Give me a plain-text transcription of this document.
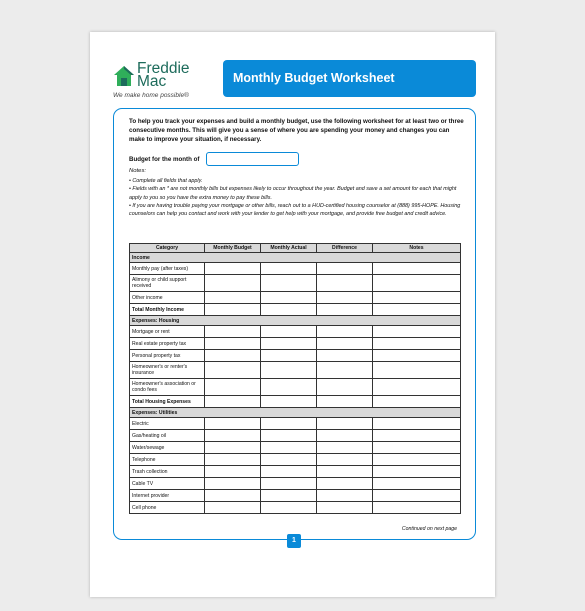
Freddie
Mac
We make home possible®
Monthly Budget Worksheet
To help you track your expenses and build a monthly budget, use the following worksheet for at least two or three consecutive months. This will give you a sense of where you are spending your money and changes you can make to improve your situation, if necessary.
Budget for the month of
Notes:

• Complete all fields that apply.

• Fields with an * are not monthly bills but expenses likely to occur throughout the year. Budget and save a set amount for each that might apply to you so you have the extra money to pay these bills.

• If you are having trouble paying your mortgage or other bills, reach out to a HUD-certified housing counselor at (888) 995-HOPE. Housing counselors can help you contact and work with your lender to get help with your mortgage, and provide free budget and credit advice.

Category	Monthly Budget	Monthly Actual	Difference	Notes
Income				
Monthly pay (after taxes)				
Alimony or child support received				
Other income				
Total Monthly Income				
Expenses: Housing				
Mortgage or rent				
Real estate property tax				
Personal property tax				
Homeowner's or renter's insurance				
Homeowner's association or condo fees				
Total Housing Expenses				
Expenses: Utilities				
Electric				
Gas/heating oil				
Water/sewage				
Telephone				
Trash collection				
Cable TV				
Internet provider				
Cell phone				
Continued on next page
1
